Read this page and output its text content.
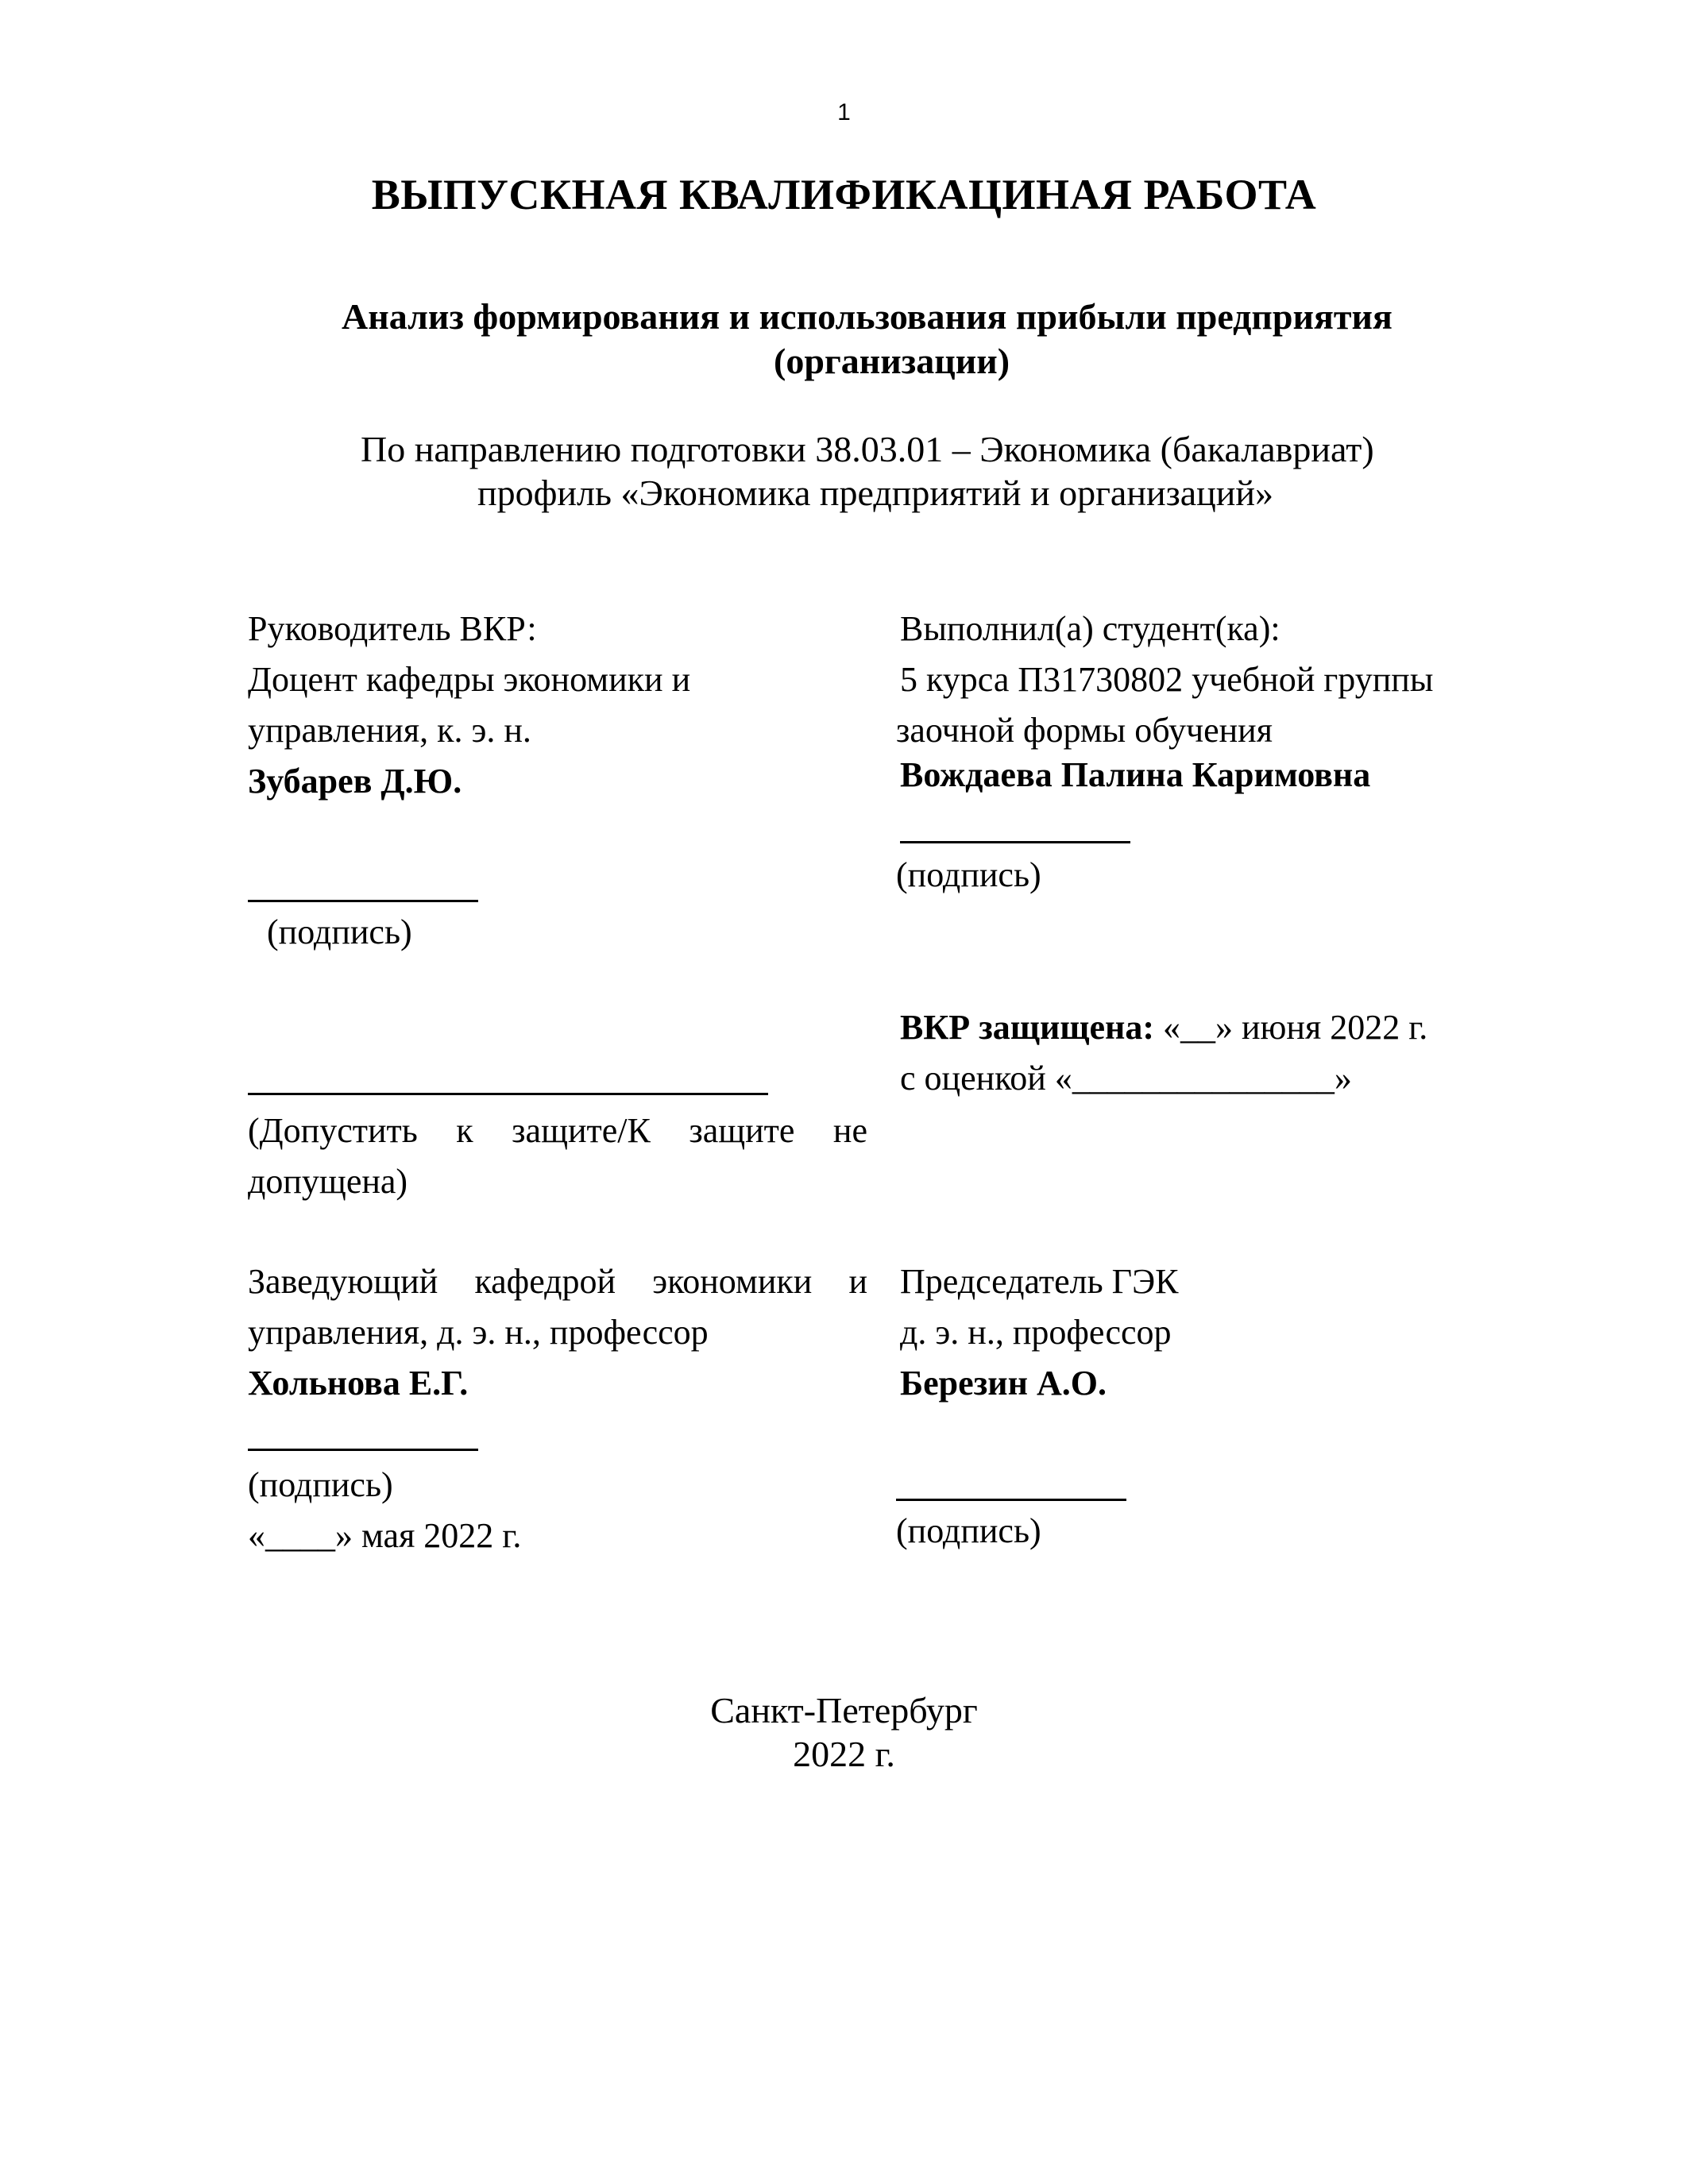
1
ВЫПУСКНАЯ КВАЛИФИКАЦИНАЯ РАБОТА
Анализ формирования и использования прибыли предприятия
(организации)
По направлению подготовки 38.03.01 – Экономика (бакалавриат)
профиль «Экономика предприятий и организаций»
Руководитель ВКР:
Доцент кафедры экономики и
управления, к. э. н.
Зубарев Д.Ю.
(подпись)
(Допустить к защите/К защите не
допущена)
Заведующий кафедрой экономики и
управления, д. э. н., профессор
Хольнова Е.Г.
(подпись)
«____» мая 2022 г.
Выполнил(а) студент(ка):
5 курса П31730802 учебной группы
заочной формы обучения
Вождаева Палина Каримовна
(подпись)
ВКР защищена: «__» июня 2022 г.
с оценкой «_______________»
Председатель ГЭК
д. э. н., профессор
Березин А.О.
(подпись)
Санкт-Петербург
2022 г.
